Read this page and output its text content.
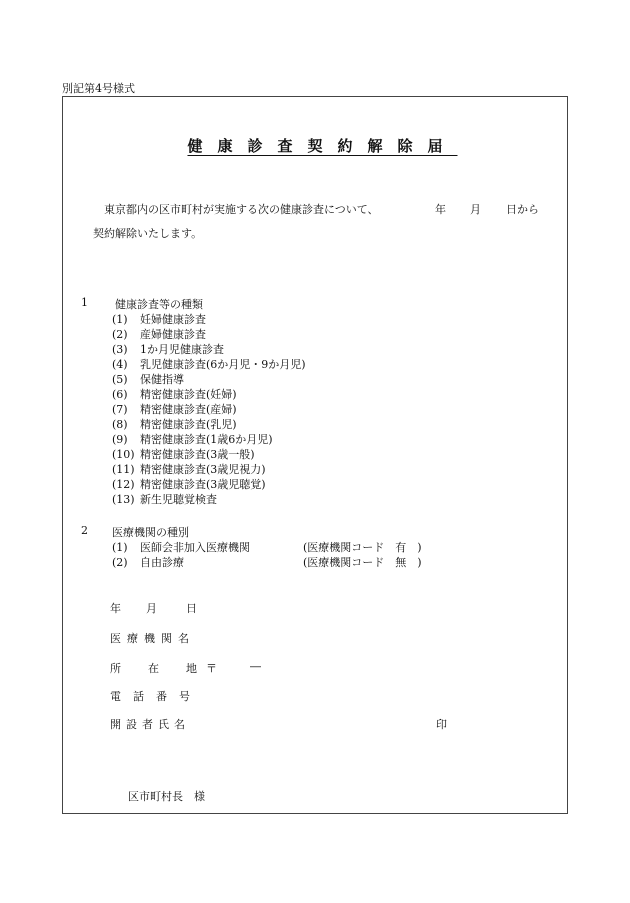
別記第4号様式
健康診査契約解除届
東京都内の区市町村が実施する次の健康診査について、	年 月 日から
契約解除いたします。
1 健康診査等の種類
(1) 妊婦健康診査
(2) 産婦健康診査
(3) 1か月児健康診査
(4) 乳児健康診査(6か月児・9か月児)
(5) 保健指導
(6) 精密健康診査(妊婦)
(7) 精密健康診査(産婦)
(8) 精密健康診査(乳児)
(9) 精密健康診査(1歳6か月児)
(10) 精密健康診査(3歳一般)
(11) 精密健康診査(3歳児視力)
(12) 精密健康診査(3歳児聴覚)
(13) 新生児聴覚検査
2 医療機関の種別
(1) 医師会非加入医療機関	(医療機関コード　有　)
(2) 自由診療	(医療機関コード　無　)
年 月	日
医療機関名
所　在　地 〒	―
電話番号
開設者氏名	印
区市町村長　様
